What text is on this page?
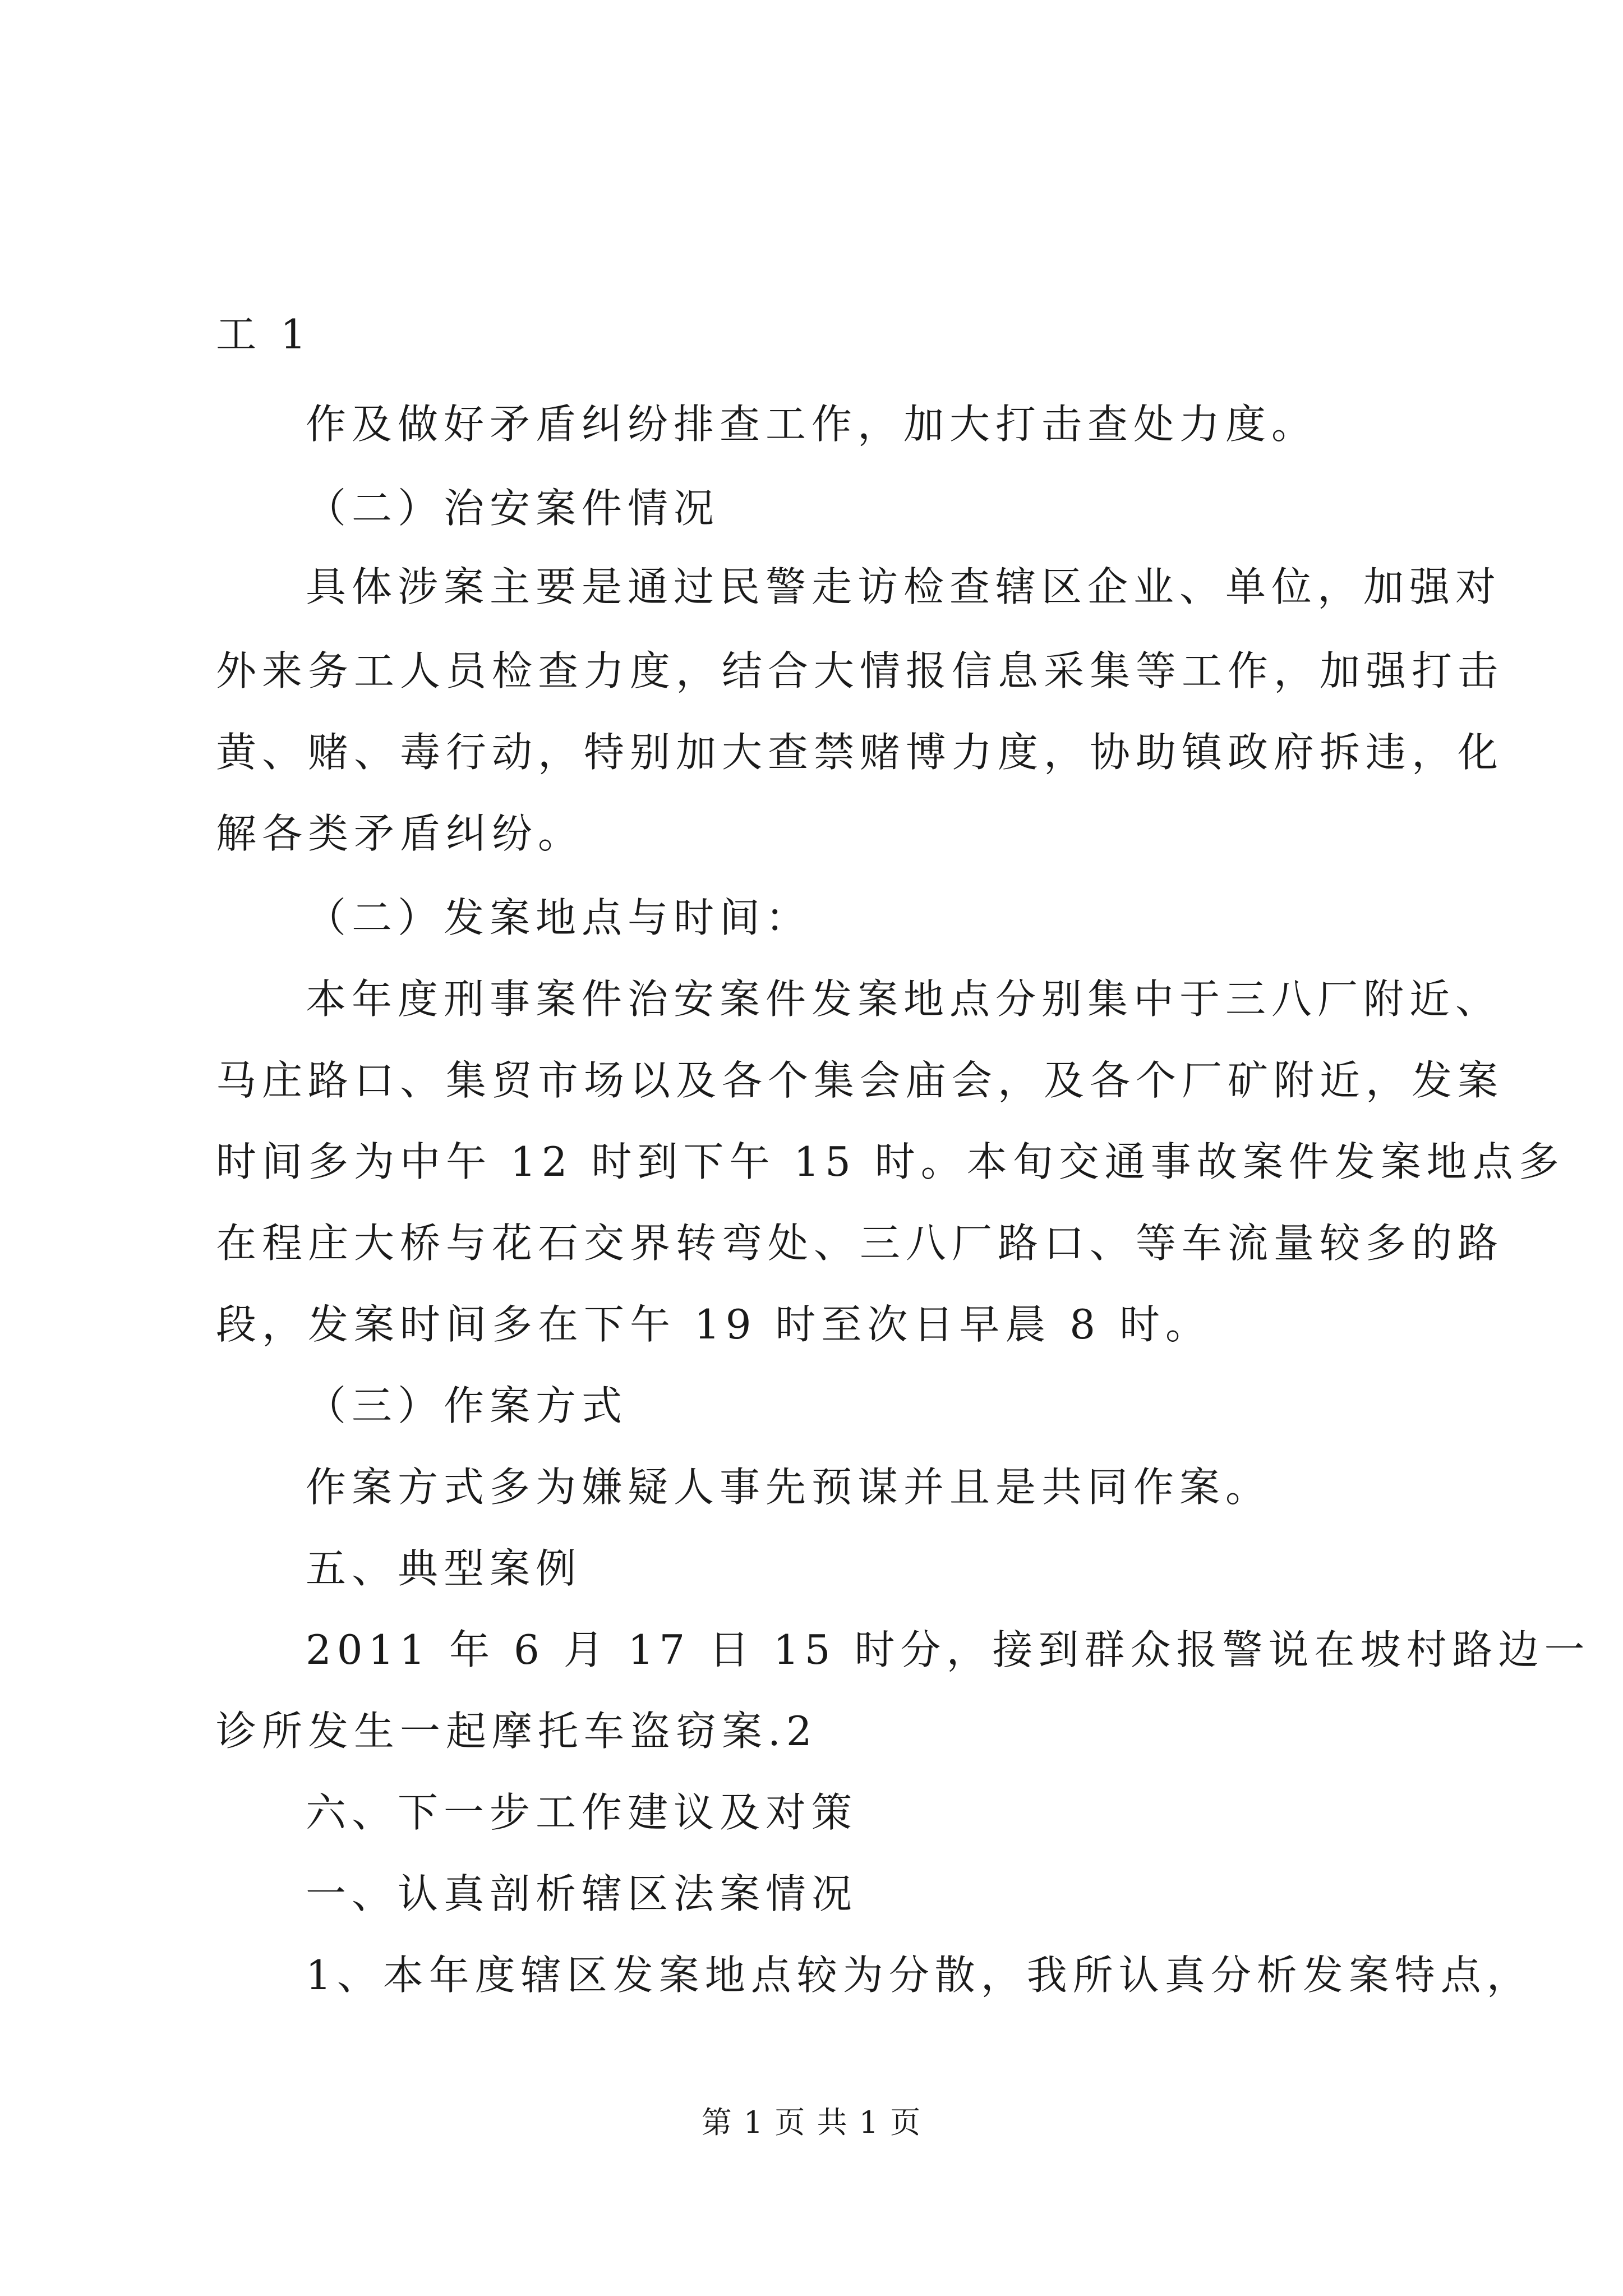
工 1
作及做好矛盾纠纷排查工作，加大打击查处力度。
（二）治安案件情况
具体涉案主要是通过民警走访检查辖区企业、单位，加强对
外来务工人员检查力度，结合大情报信息采集等工作，加强打击
黄、赌、毒行动，特别加大查禁赌博力度，协助镇政府拆违，化
解各类矛盾纠纷。
（二）发案地点与时间：
本年度刑事案件治安案件发案地点分别集中于三八厂附近、
马庄路口、集贸市场以及各个集会庙会，及各个厂矿附近，发案
时间多为中午 12 时到下午 15 时。本旬交通事故案件发案地点多
在程庄大桥与花石交界转弯处、三八厂路口、等车流量较多的路
段，发案时间多在下午 19 时至次日早晨 8 时。
（三）作案方式
作案方式多为嫌疑人事先预谋并且是共同作案。
五、典型案例
2011 年 6 月 17 日 15 时分，接到群众报警说在坡村路边一
诊所发生一起摩托车盗窃案.2
六、下一步工作建议及对策
一、认真剖析辖区法案情况
1、本年度辖区发案地点较为分散，我所认真分析发案特点，
第 1 页 共 1 页
